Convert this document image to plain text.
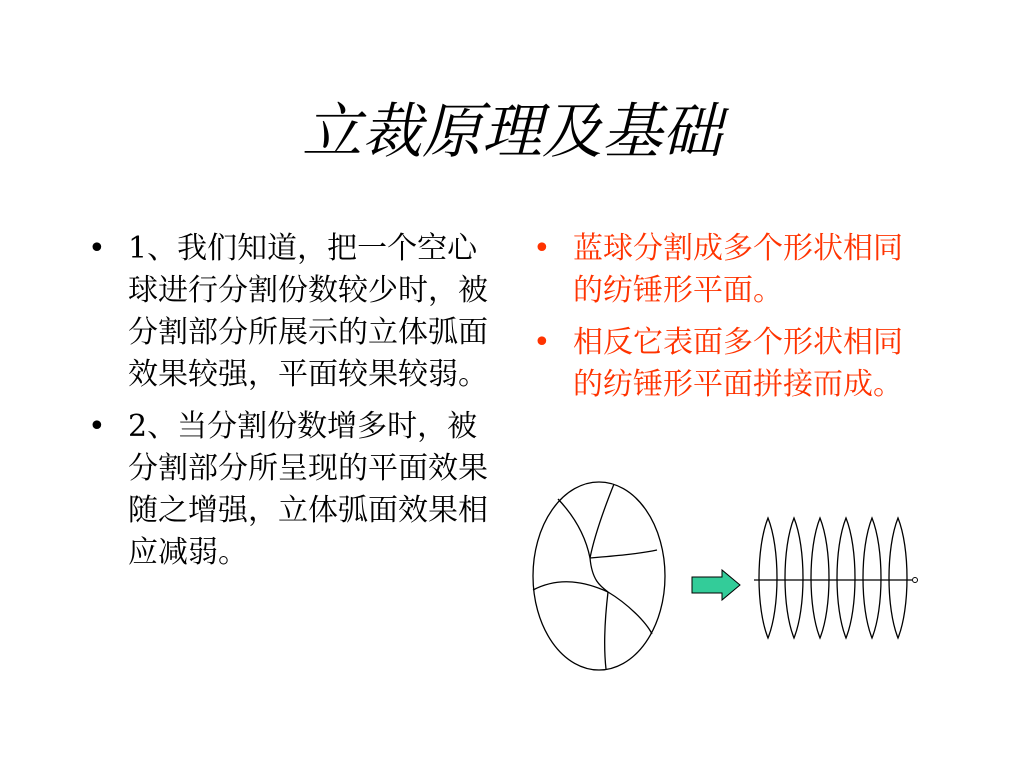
立裁原理及基础
• 1、我们知道，把一个空心球进行分割份数较少时，被分割部分所展示的立体弧面效果较强，平面较果较弱。
• 2、当分割份数增多时，被分割部分所呈现的平面效果随之增强，立体弧面效果相应减弱。
• 蓝球分割成多个形状相同的纺锤形平面。
• 相反它表面多个形状相同的纺锤形平面拼接而成。
